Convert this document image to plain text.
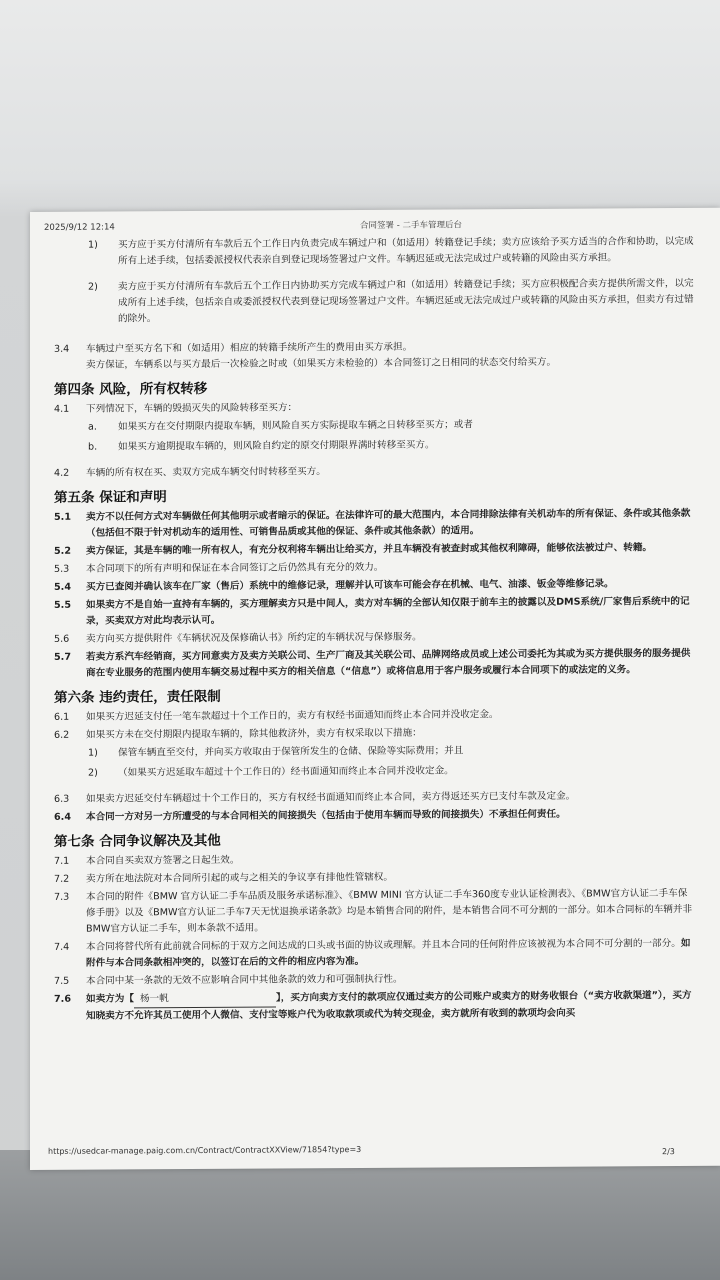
2025/9/12 12:14	合同签署 - 二手车管理后台
1)	买方应于买方付清所有车款后五个工作日内负责完成车辆过户和（如适用）转籍登记手续；卖方应该给予买方适当的合作和协助，以完成所有上述手续，包括委派授权代表亲自到登记现场签署过户文件。车辆迟延或无法完成过户或转籍的风险由买方承担。
2)	卖方应于买方付清所有车款后五个工作日内协助买方完成车辆过户和（如适用）转籍登记手续；买方应积极配合卖方提供所需文件，以完成所有上述手续，包括亲自或委派授权代表到登记现场签署过户文件。车辆迟延或无法完成过户或转籍的风险由买方承担，但卖方有过错的除外。
3.4	车辆过户至买方名下和（如适用）相应的转籍手续所产生的费用由买方承担。
卖方保证，车辆系以与买方最后一次检验之时或（如果买方未检验的）本合同签订之日相同的状态交付给买方。
第四条 风险，所有权转移
4.1	下列情况下，车辆的毁损灭失的风险转移至买方：
a.	如果买方在交付期限内提取车辆，则风险自买方实际提取车辆之日转移至买方；或者
b.	如果买方逾期提取车辆的，则风险自约定的原交付期限界满时转移至买方。
4.2	车辆的所有权在买、卖双方完成车辆交付时转移至买方。
第五条 保证和声明
5.1	卖方不以任何方式对车辆做任何其他明示或者暗示的保证。在法律许可的最大范围内，本合同排除法律有关机动车的所有保证、条件或其他条款（包括但不限于针对机动车的适用性、可销售品质或其他的保证、条件或其他条款）的适用。
5.2	卖方保证，其是车辆的唯一所有权人，有充分权利将车辆出让给买方，并且车辆没有被查封或其他权利障碍，能够依法被过户、转籍。
5.3	本合同项下的所有声明和保证在本合同签订之后仍然具有充分的效力。
5.4	买方已查阅并确认该车在厂家（售后）系统中的维修记录，理解并认可该车可能会存在机械、电气、油漆、钣金等维修记录。
5.5	如果卖方不是自始一直持有车辆的，买方理解卖方只是中间人，卖方对车辆的全部认知仅限于前车主的披露以及DMS系统/厂家售后系统中的记录，买卖双方对此均表示认可。
5.6	卖方向买方提供附件《车辆状况及保修确认书》所约定的车辆状况与保修服务。
5.7	若卖方系汽车经销商，买方同意卖方及卖方关联公司、生产厂商及其关联公司、品牌网络成员或上述公司委托为其或为买方提供服务的服务提供商在专业服务的范围内使用车辆交易过程中买方的相关信息（“信息”）或将信息用于客户服务或履行本合同项下的或法定的义务。
第六条 违约责任，责任限制
6.1	如果买方迟延支付任一笔车款超过十个工作日的，卖方有权经书面通知而终止本合同并没收定金。
6.2	如果买方未在交付期限内提取车辆的，除其他救济外，卖方有权采取以下措施：
1)	保管车辆直至交付，并向买方收取由于保管所发生的仓储、保险等实际费用；并且
2)	（如果买方迟延取车超过十个工作日的）经书面通知而终止本合同并没收定金。
6.3	如果卖方迟延交付车辆超过十个工作日的，买方有权经书面通知而终止本合同，卖方得返还买方已支付车款及定金。
6.4	本合同一方对另一方所遭受的与本合同相关的间接损失（包括由于使用车辆而导致的间接损失）不承担任何责任。
第七条 合同争议解决及其他
7.1	本合同自买卖双方签署之日起生效。
7.2	卖方所在地法院对本合同所引起的或与之相关的争议享有排他性管辖权。
7.3	本合同的附件《BMW 官方认证二手车品质及服务承诺标准》、《BMW MINI 官方认证二手车360度专业认证检测表》、《BMW官方认证二手车保修手册》以及《BMW官方认证二手车7天无忧退换承诺条款》均是本销售合同的附件，是本销售合同不可分割的一部分。如本合同标的车辆并非BMW官方认证二手车，则本条款不适用。
7.4	本合同将替代所有此前就合同标的于双方之间达成的口头或书面的协议或理解。并且本合同的任何附件应该被视为本合同不可分割的一部分。如附件与本合同条款相冲突的，以签订在后的文件的相应内容为准。
7.5	本合同中某一条款的无效不应影响合同中其他条款的效力和可强制执行性。
7.6	如卖方为【 杨一帆	】，买方向卖方支付的款项应仅通过卖方的公司账户或卖方的财务收银台（“卖方收款渠道”），买方知晓卖方不允许其员工使用个人微信、支付宝等账户代为收取款项或代为转交现金，卖方就所有收到的款项均会向买
https://usedcar-manage.paig.com.cn/Contract/ContractXXView/71854?type=3	2/3
